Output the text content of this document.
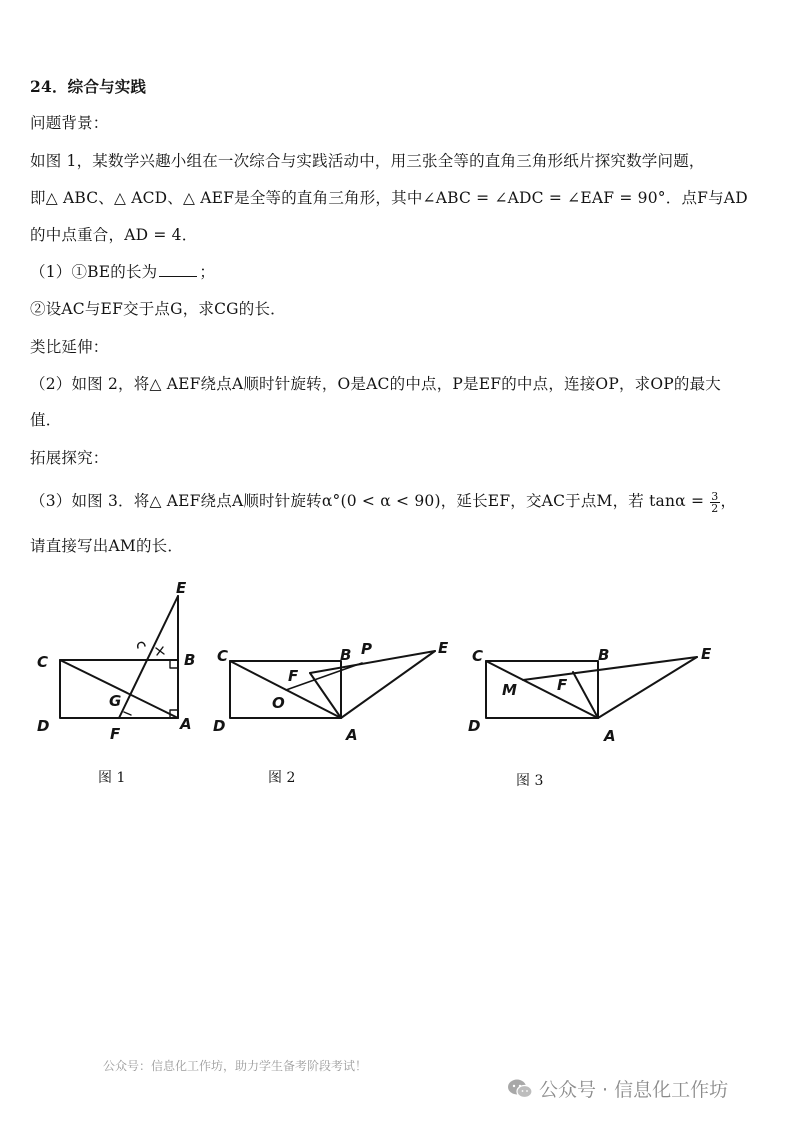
24．综合与实践
问题背景：
如图 1，某数学兴趣小组在一次综合与实践活动中，用三张全等的直角三角形纸片探究数学问题，
即△ ABC、△ ACD、△ AEF是全等的直角三角形，其中∠ABC = ∠ADC = ∠EAF = 90°．点F与AD
的中点重合，AD = 4．
（1）①BE的长为	；
②设AC与EF交于点G，求CG的长．
类比延伸：
（2）如图 2，将△ AEF绕点A顺时针旋转，O是AC的中点，P是EF的中点，连接OP，求OP的最大
值．
拓展探究：
（3）如图 3．将△ AEF绕点A顺时针旋转α°(0 < α < 90)，延长EF，交AC于点M，若 $\tan\alpha = \frac{3}{2}$ ，
请直接写出AM的长．
E
C	B
G
D	F
A
图 1
C	B P	E
F
O
D	A
图 2
C	B	E
M	F
D
A
图 3
公众号：信息化工作坊，助力学生备考阶段考试！
公众号 · 信息化工作坊
